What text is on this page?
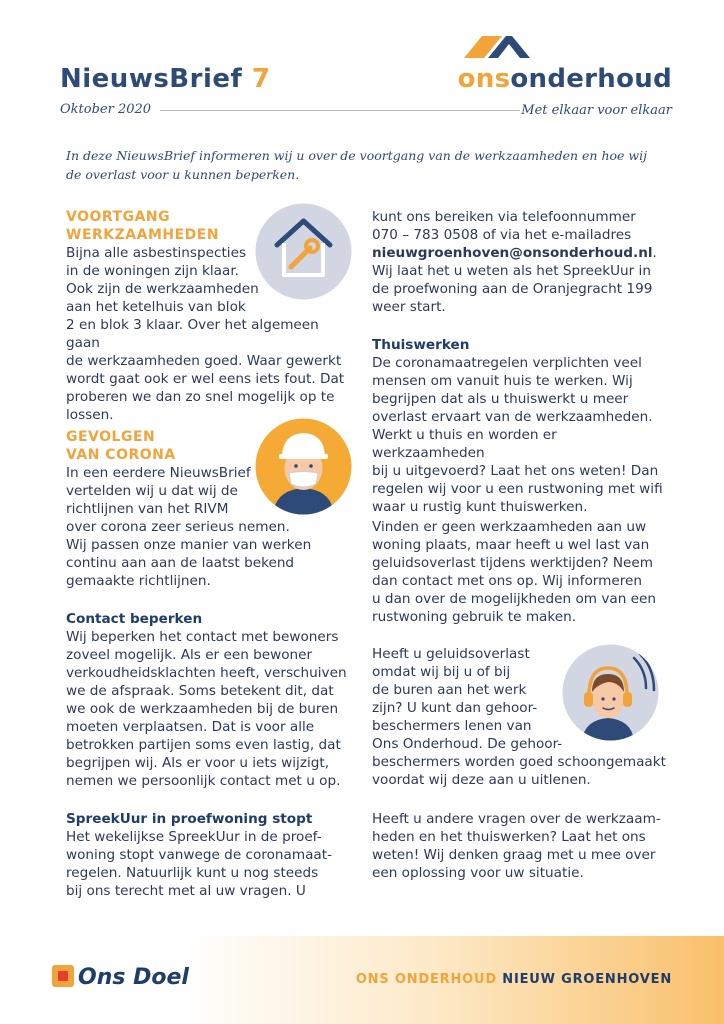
NieuwsBrief 7
Oktober 2020
onsonderhoud
Met elkaar voor elkaar
In deze NieuwsBrief informeren wij u over de voortgang van de werkzaamheden en hoe wij de overlast voor u kunnen beperken.
VOORTGANG
WERKZAAMHEDEN

Bijna alle asbestinspecties

in de woningen zijn klaar.

Ook zijn de werkzaamheden

aan het ketelhuis van blok

2 en blok 3 klaar. Over het algemeen gaan

de werkzaamheden goed. Waar gewerkt

wordt gaat ook er wel eens iets fout. Dat

proberen we dan zo snel mogelijk op te

lossen.

GEVOLGEN
VAN CORONA

In een eerdere NieuwsBrief

vertelden wij u dat wij de

richtlijnen van het RIVM

over corona zeer serieus nemen.

Wij passen onze manier van werken

continu aan aan de laatst bekend

gemaakte richtlijnen.

Contact beperken

Wij beperken het contact met bewoners

zoveel mogelijk. Als er een bewoner

verkoudheidsklachten heeft, verschuiven

we de afspraak. Soms betekent dit, dat

we ook de werkzaamheden bij de buren

moeten verplaatsen. Dat is voor alle

betrokken partijen soms even lastig, dat

begrijpen wij. Als er voor u iets wijzigt,

nemen we persoonlijk contact met u op.

SpreekUur in proefwoning stopt

Het wekelijkse SpreekUur in de proef-

woning stopt vanwege de coronamaat-

regelen. Natuurlijk kunt u nog steeds

bij ons terecht met al uw vragen. U

kunt ons bereiken via telefoonnummer

070 – 783 0508 of via het e-mailadres

nieuwgroenhoven@onsonderhoud.nl.

Wij laat het u weten als het SpreekUur in

de proefwoning aan de Oranjegracht 199

weer start.

Thuiswerken

De coronamaatregelen verplichten veel

mensen om vanuit huis te werken. Wij

begrijpen dat als u thuiswerkt u meer

overlast ervaart van de werkzaamheden.

Werkt u thuis en worden er werkzaamheden

bij u uitgevoerd? Laat het ons weten! Dan

regelen wij voor u een rustwoning met wifi

waar u rustig kunt thuiswerken.

Vinden er geen werkzaamheden aan uw

woning plaats, maar heeft u wel last van

geluidsoverlast tijdens werktijden? Neem

dan contact met ons op. Wij informeren

u dan over de mogelijkheden om van een

rustwoning gebruik te maken.

Heeft u geluidsoverlast

omdat wij bij u of bij

de buren aan het werk

zijn? U kunt dan gehoor-

beschermers lenen van

Ons Onderhoud. De gehoor-

beschermers worden goed schoongemaakt

voordat wij deze aan u uitlenen.

Heeft u andere vragen over de werkzaam-

heden en het thuiswerken? Laat het ons

weten! Wij denken graag met u mee over

een oplossing voor uw situatie.

Ons Doel	ONS ONDERHOUD NIEUW GROENHOVEN
